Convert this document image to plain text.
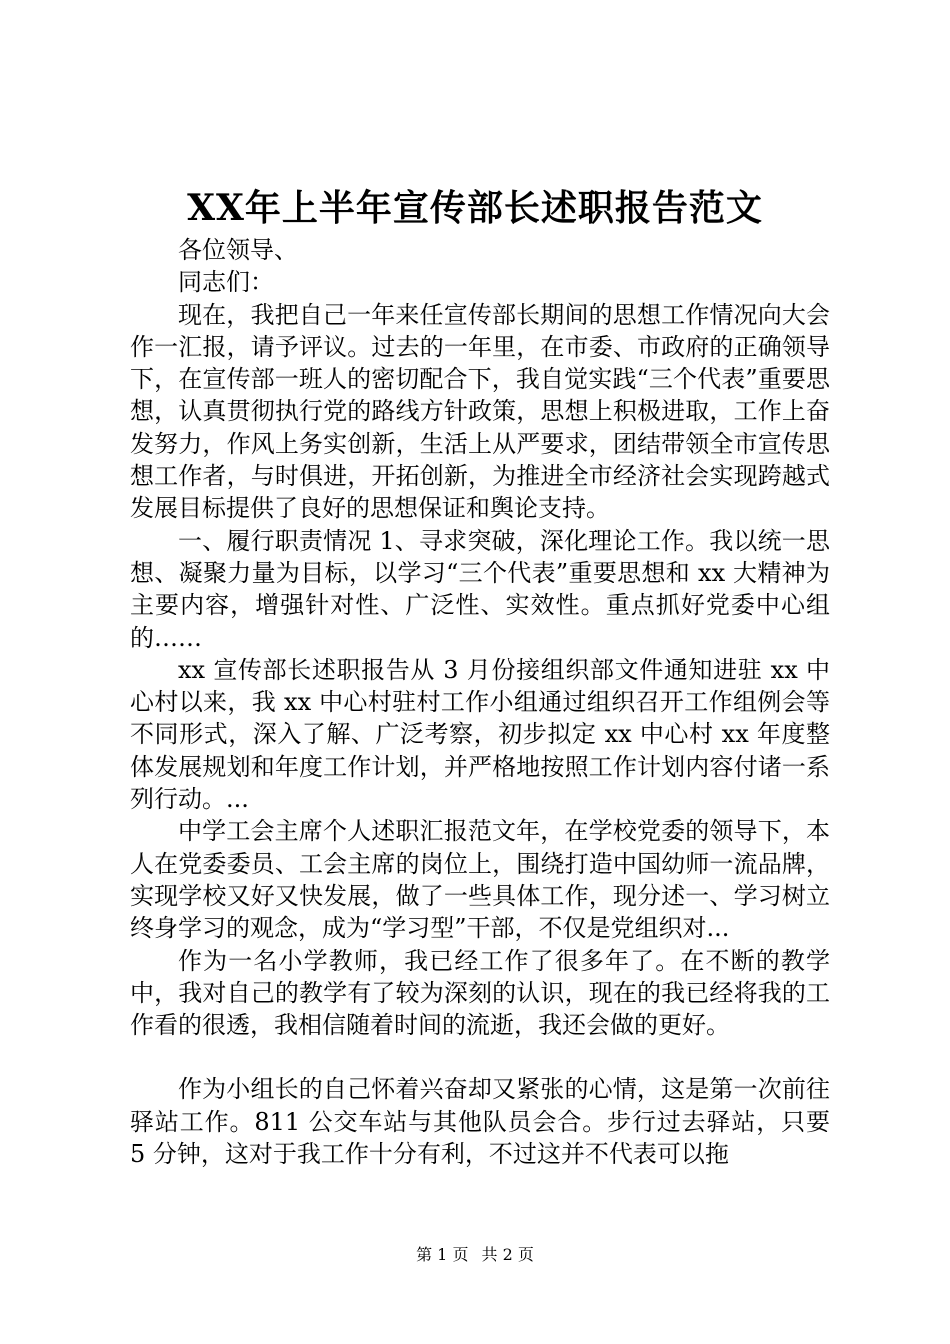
XX年上半年宣传部长述职报告范文

各位领导、

同志们：

现在，我把自己一年来任宣传部长期间的思想工作情况向大会作一汇报，请予评议。过去的一年里，在市委、市政府的正确领导下，在宣传部一班人的密切配合下，我自觉实践“三个代表”重要思想，认真贯彻执行党的路线方针政策，思想上积极进取，工作上奋发努力，作风上务实创新，生活上从严要求，团结带领全市宣传思想工作者，与时俱进，开拓创新，为推进全市经济社会实现跨越式发展目标提供了良好的思想保证和舆论支持。

一、履行职责情况 1、寻求突破，深化理论工作。我以统一思想、凝聚力量为目标，以学习“三个代表”重要思想和 xx 大精神为主要内容，增强针对性、广泛性、实效性。重点抓好党委中心组的……

xx 宣传部长述职报告从 3 月份接组织部文件通知进驻 xx 中心村以来，我 xx 中心村驻村工作小组通过组织召开工作组例会等不同形式，深入了解、广泛考察，初步拟定 xx 中心村 xx 年度整体发展规划和年度工作计划，并严格地按照工作计划内容付诸一系列行动。...

中学工会主席个人述职汇报范文年，在学校党委的领导下，本人在党委委员、工会主席的岗位上，围绕打造中国幼师一流品牌，实现学校又好又快发展，做了一些具体工作，现分述一、学习树立终身学习的观念，成为“学习型”干部，不仅是党组织对...

作为一名小学教师，我已经工作了很多年了。在不断的教学中，我对自己的教学有了较为深刻的认识，现在的我已经将我的工作看的很透，我相信随着时间的流逝，我还会做的更好。

作为小组长的自己怀着兴奋却又紧张的心情，这是第一次前往驿站工作。811 公交车站与其他队员会合。步行过去驿站，只要 5 分钟，这对于我工作十分有利，不过这并不代表可以拖

第 1 页 共 2 页
